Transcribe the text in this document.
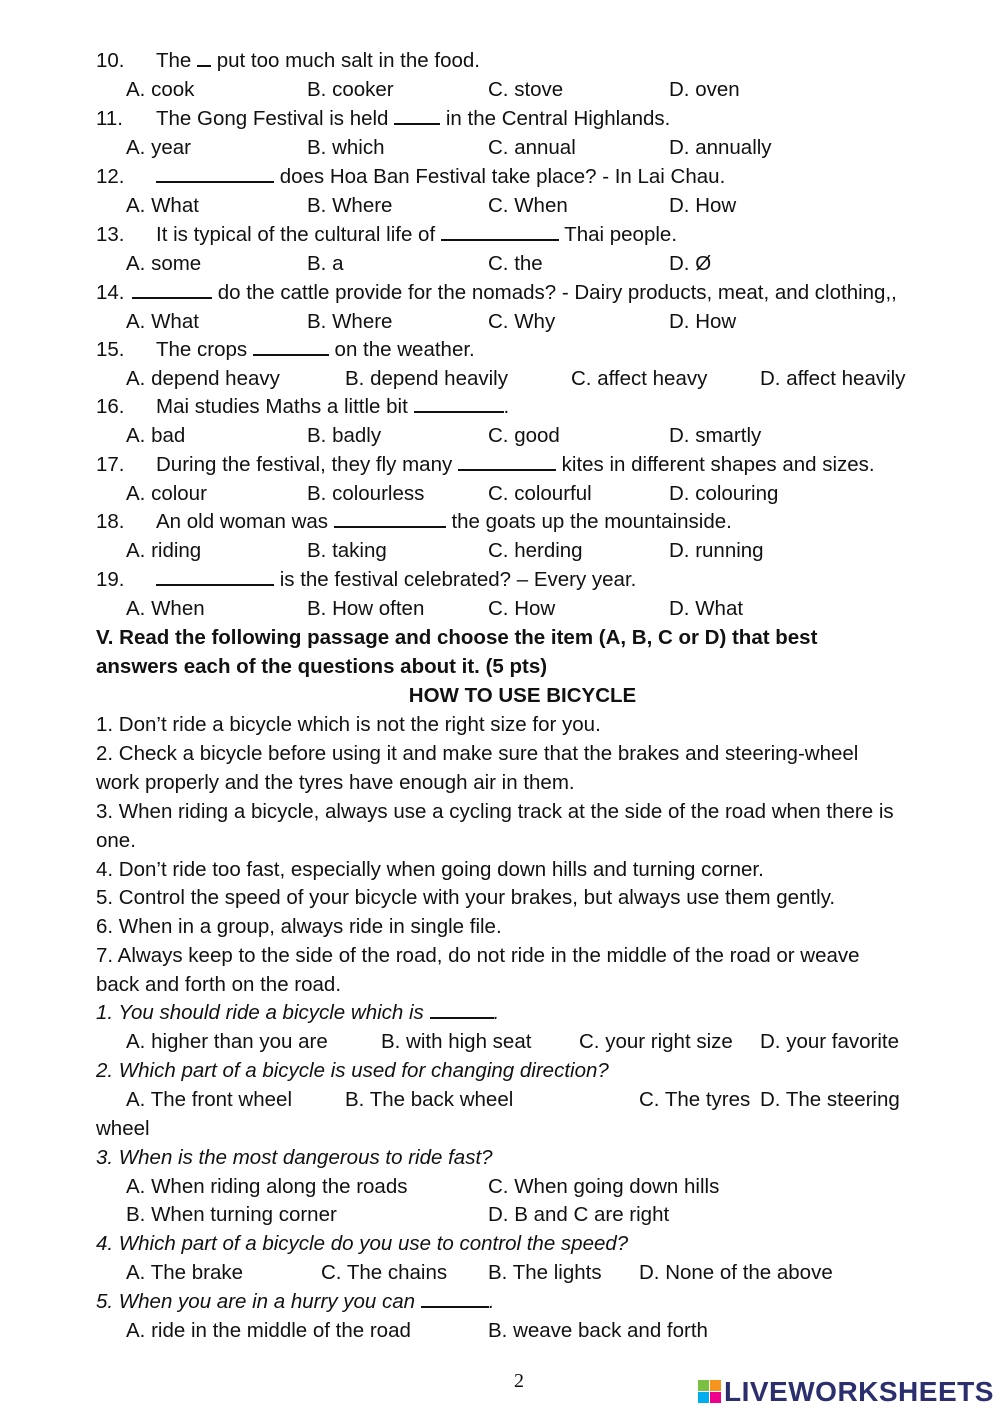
10. The  put too much salt in the food.
A. cook	B. cooker	C. stove	D. oven
11. The Gong Festival is held  in the Central Highlands.
A. year	B. which	C. annual	D. annually
12.	does Hoa Ban Festival take place? - In Lai Chau.
A. What	B. Where	C. When	D. How
13. It is typical of the cultural life of	Thai people.
A. some	B. a	C. the	D. Ø
14.	do the cattle provide for the nomads? - Dairy products, meat, and clothing,,
A. What	B. Where	C. Why	D. How
15. The crops	on the weather.
A. depend heavy	B. depend heavily	C. affect heavy	D. affect heavily
16. Mai studies Maths a little bit	.
A. bad	B. badly	C. good	D. smartly
17. During the festival, they fly many	kites in different shapes and sizes.
A. colour	B. colourless	C. colourful	D. colouring
18. An old woman was	the goats up the mountainside.
A. riding	B. taking	C. herding	D. running
19.	is the festival celebrated? – Every year.
A. When	B. How often	C. How	D. What
V. Read the following passage and choose the item (A, B, C or D) that best
answers each of the questions about it. (5 pts)
HOW TO USE BICYCLE
1. Don’t ride a bicycle which is not the right size for you.
2. Check a bicycle before using it and make sure that the brakes and steering-wheel
work properly and the tyres have enough air in them.
3. When riding a bicycle, always use a cycling track at the side of the road when there is
one.
4. Don’t ride too fast, especially when going down hills and turning corner.
5. Control the speed of your bicycle with your brakes, but always use them gently.
6. When in a group, always ride in single file.
7. Always keep to the side of the road, do not ride in the middle of the road or weave
back and forth on the road.
1. You should ride a bicycle which is	.
A. higher than you are	B. with high seat C. your right size D. your favorite
2. Which part of a bicycle is used for changing direction?
A. The front wheel	B. The back wheel	C. The tyres D. The steering
wheel
3. When is the most dangerous to ride fast?
A. When riding along the roads	C. When going down hills
B. When turning corner	D. B and C are right
4. Which part of a bicycle do you use to control the speed?
A. The brake	C. The chains B. The lights D. None of the above
5. When you are in a hurry you can	.
A. ride in the middle of the road	B. weave back and forth
2	LIVEWORKSHEETS
